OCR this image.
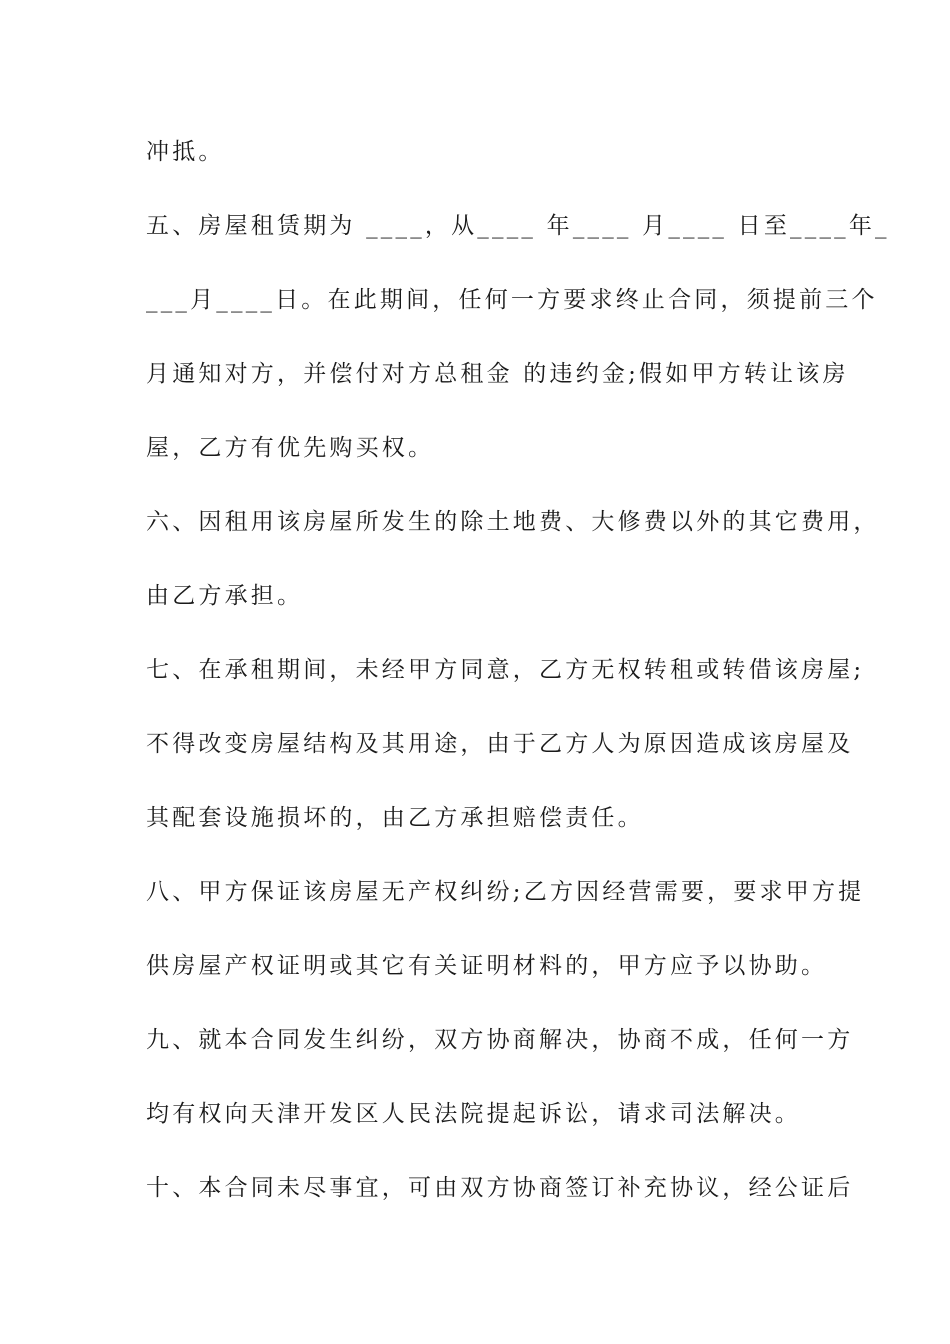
冲抵。
五、房屋租赁期为 ____，从____ 年____ 月____ 日至____年_
___月____日。在此期间，任何一方要求终止合同，须提前三个
月通知对方，并偿付对方总租金 的违约金;假如甲方转让该房
屋，乙方有优先购买权。
六、因租用该房屋所发生的除土地费、大修费以外的其它费用，
由乙方承担。
七、在承租期间，未经甲方同意，乙方无权转租或转借该房屋;
不得改变房屋结构及其用途，由于乙方人为原因造成该房屋及
其配套设施损坏的，由乙方承担赔偿责任。
八、甲方保证该房屋无产权纠纷;乙方因经营需要，要求甲方提
供房屋产权证明或其它有关证明材料的，甲方应予以协助。
九、就本合同发生纠纷，双方协商解决，协商不成，任何一方
均有权向天津开发区人民法院提起诉讼，请求司法解决。
十、本合同未尽事宜，可由双方协商签订补充协议，经公证后
